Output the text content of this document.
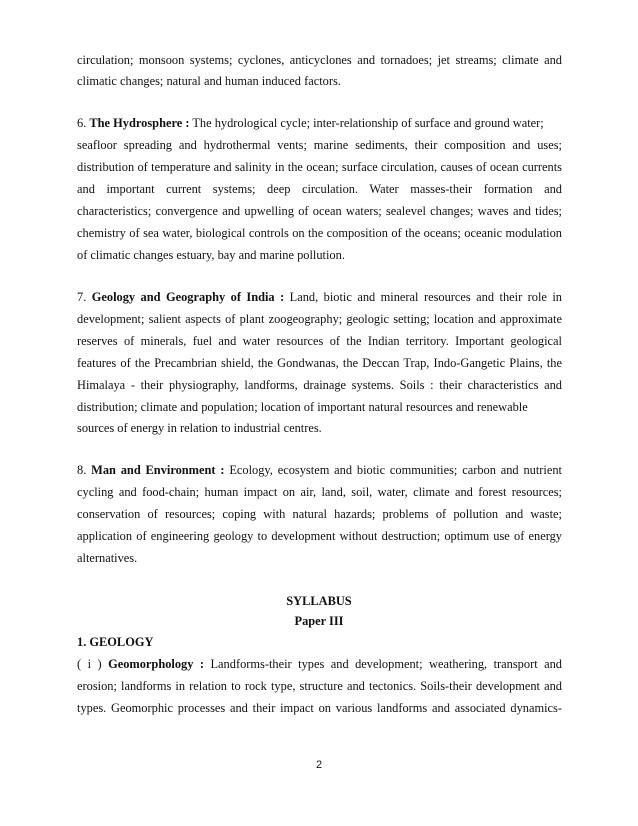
circulation; monsoon systems; cyclones, anticyclones and tornadoes; jet streams; climate and
climatic changes; natural and human induced factors.
6. The Hydrosphere : The hydrological cycle; inter-relationship of surface and ground water;
seafloor spreading and hydrothermal vents; marine sediments, their composition and uses;
distribution of temperature and salinity in the ocean; surface circulation, causes of ocean currents
and important current systems; deep circulation. Water masses-their formation and
characteristics; convergence and upwelling of ocean waters; sealevel changes; waves and tides;
chemistry of sea water, biological controls on the composition of the oceans; oceanic modulation
of climatic changes estuary, bay and marine pollution.
7. Geology and Geography of India : Land, biotic and mineral resources and their role in
development; salient aspects of plant zoogeography; geologic setting; location and approximate
reserves of minerals, fuel and water resources of the Indian territory. Important geological
features of the Precambrian shield, the Gondwanas, the Deccan Trap, Indo-Gangetic Plains, the
Himalaya - their physiography, landforms, drainage systems. Soils : their characteristics and
distribution; climate and population; location of important natural resources and renewable
sources of energy in relation to industrial centres.
8. Man and Environment : Ecology, ecosystem and biotic communities; carbon and nutrient
cycling and food-chain; human impact on air, land, soil, water, climate and forest resources;
conservation of resources; coping with natural hazards; problems of pollution and waste;
application of engineering geology to development without destruction; optimum use of energy
alternatives.
SYLLABUS
Paper III
1. GEOLOGY
( i ) Geomorphology : Landforms-their types and development; weathering, transport and
erosion; landforms in relation to rock type, structure and tectonics. Soils-their development and
types. Geomorphic processes and their impact on various landforms and associated dynamics-
2
